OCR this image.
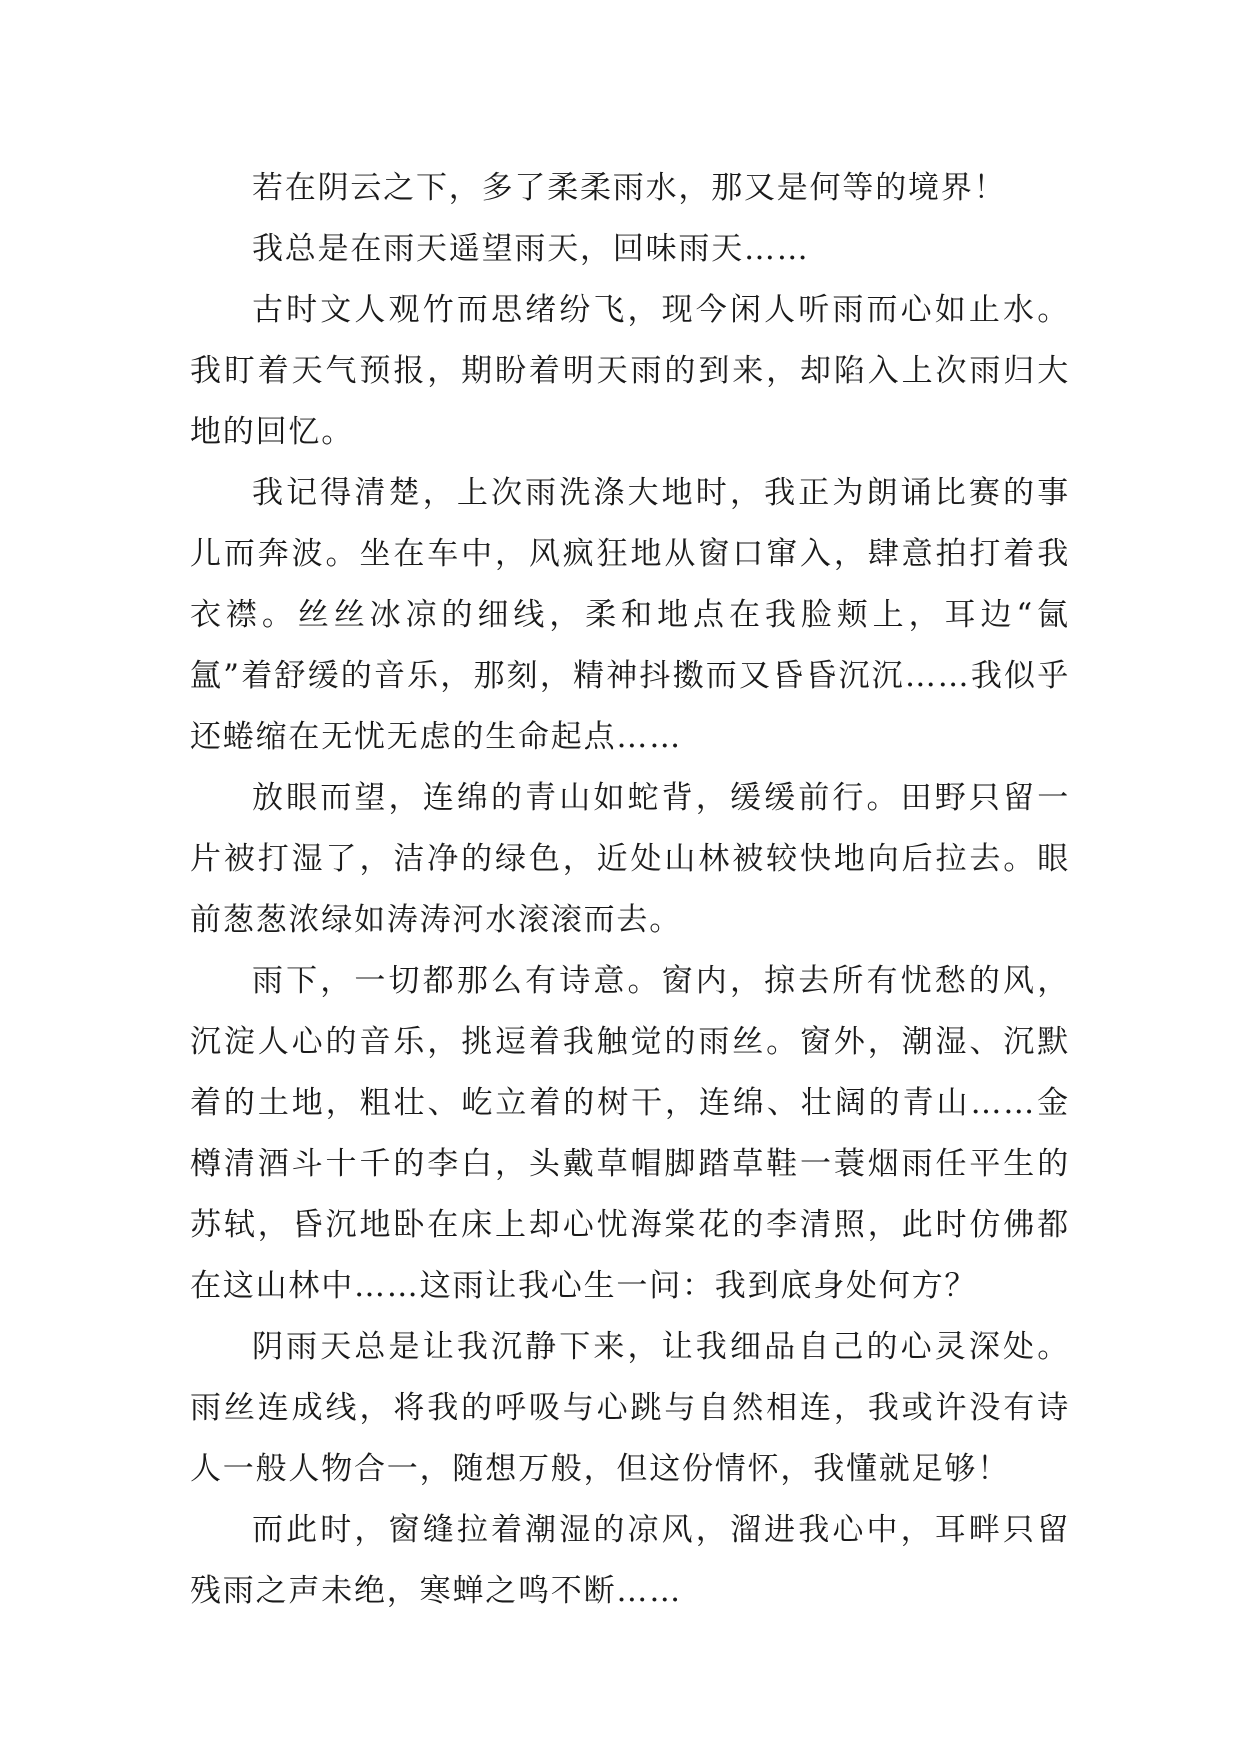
若在阴云之下，多了柔柔雨水，那又是何等的境界！

我总是在雨天遥望雨天，回味雨天……

古时文人观竹而思绪纷飞，现今闲人听雨而心如止水。我盯着天气预报，期盼着明天雨的到来，却陷入上次雨归大地的回忆。

我记得清楚，上次雨洗涤大地时，我正为朗诵比赛的事儿而奔波。坐在车中，风疯狂地从窗口窜入，肆意拍打着我衣襟。丝丝冰凉的细线，柔和地点在我脸颊上，耳边“氤氲”着舒缓的音乐，那刻，精神抖擞而又昏昏沉沉……我似乎还蜷缩在无忧无虑的生命起点……

放眼而望，连绵的青山如蛇背，缓缓前行。田野只留一片被打湿了，洁净的绿色，近处山林被较快地向后拉去。眼前葱葱浓绿如涛涛河水滚滚而去。

雨下，一切都那么有诗意。窗内，掠去所有忧愁的风，沉淀人心的音乐，挑逗着我触觉的雨丝。窗外，潮湿、沉默着的土地，粗壮、屹立着的树干，连绵、壮阔的青山……金樽清酒斗十千的李白，头戴草帽脚踏草鞋一蓑烟雨任平生的苏轼，昏沉地卧在床上却心忧海棠花的李清照，此时仿佛都在这山林中……这雨让我心生一问：我到底身处何方？

阴雨天总是让我沉静下来，让我细品自己的心灵深处。雨丝连成线，将我的呼吸与心跳与自然相连，我或许没有诗人一般人物合一，随想万般，但这份情怀，我懂就足够！

而此时，窗缝拉着潮湿的凉风，溜进我心中，耳畔只留残雨之声未绝，寒蝉之鸣不断……
